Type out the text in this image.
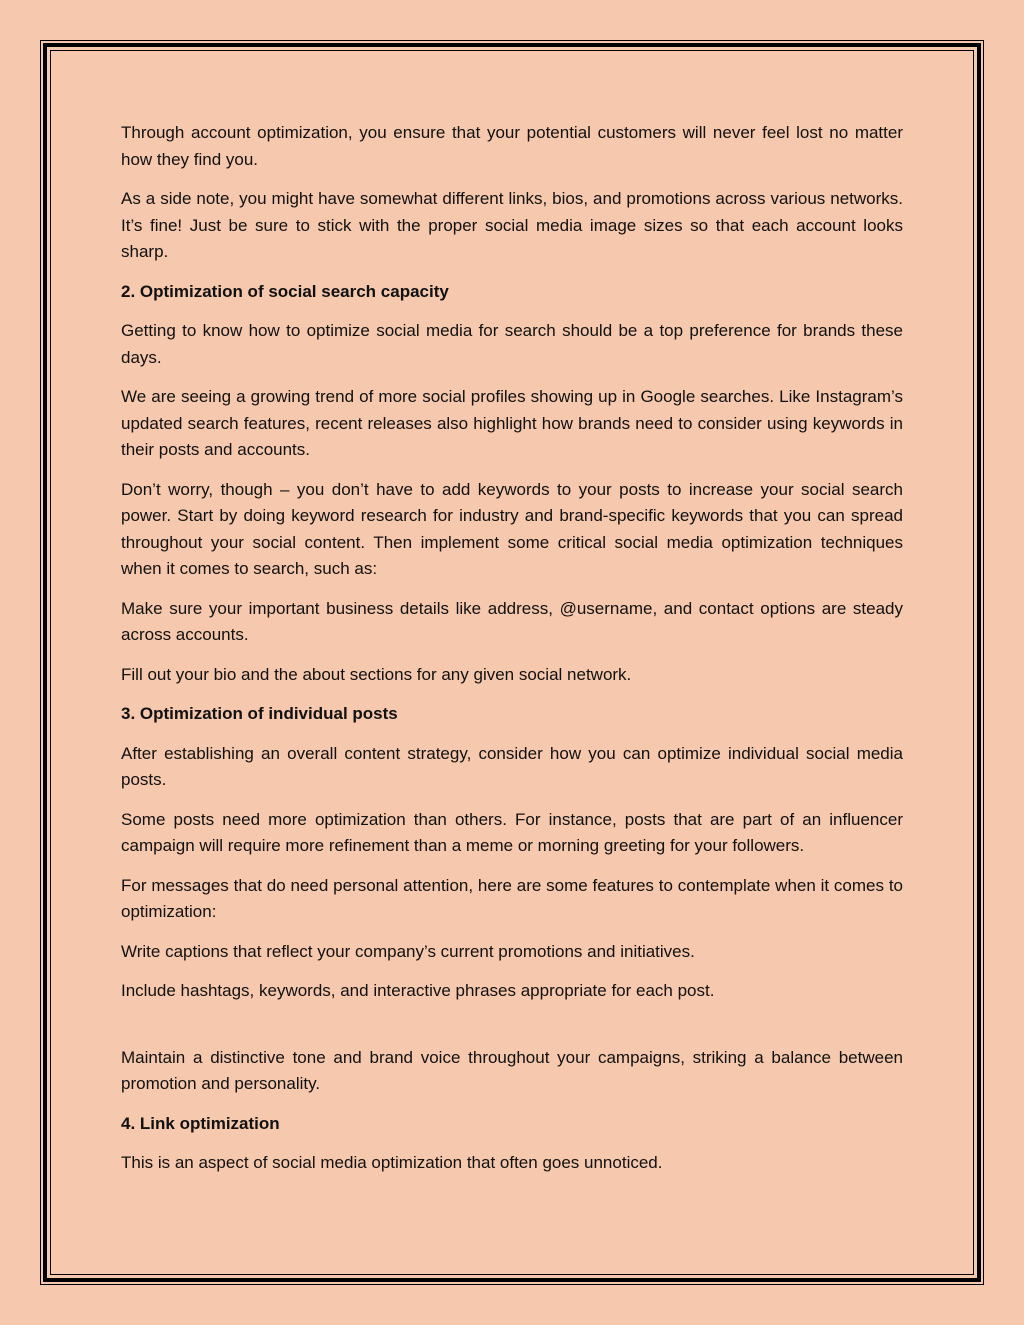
Through account optimization, you ensure that your potential customers will never feel lost no matter how they find you.

As a side note, you might have somewhat different links, bios, and promotions across various networks. It’s fine! Just be sure to stick with the proper social media image sizes so that each account looks sharp.

2. Optimization of social search capacity

Getting to know how to optimize social media for search should be a top preference for brands these days.

We are seeing a growing trend of more social profiles showing up in Google searches. Like Instagram’s updated search features, recent releases also highlight how brands need to consider using keywords in their posts and accounts.

Don’t worry, though – you don’t have to add keywords to your posts to increase your social search power. Start by doing keyword research for industry and brand-specific keywords that you can spread throughout your social content. Then implement some critical social media optimization techniques when it comes to search, such as:

Make sure your important business details like address, @username, and contact options are steady across accounts.

Fill out your bio and the about sections for any given social network.

3. Optimization of individual posts

After establishing an overall content strategy, consider how you can optimize individual social media posts.

Some posts need more optimization than others. For instance, posts that are part of an influencer campaign will require more refinement than a meme or morning greeting for your followers.

For messages that do need personal attention, here are some features to contemplate when it comes to optimization:

Write captions that reflect your company’s current promotions and initiatives.

Include hashtags, keywords, and interactive phrases appropriate for each post.

Maintain a distinctive tone and brand voice throughout your campaigns, striking a balance between promotion and personality.

4. Link optimization

This is an aspect of social media optimization that often goes unnoticed.
